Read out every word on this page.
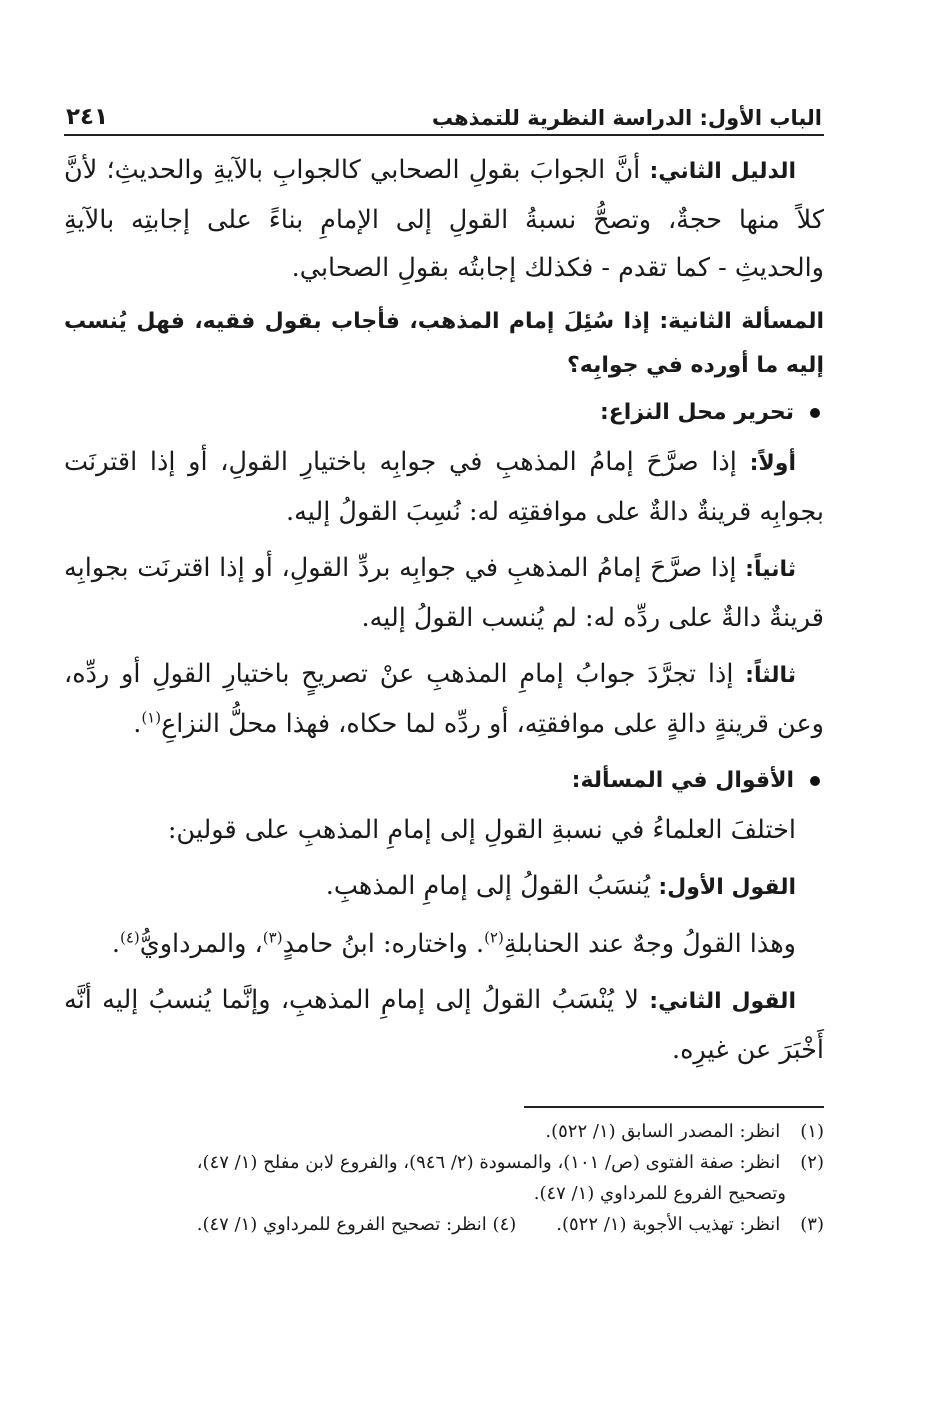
الباب الأول: الدراسة النظرية للتمذهب
٢٤١

الدليل الثاني: أنَّ الجوابَ بقولِ الصحابي كالجوابِ بالآيةِ والحديثِ؛ لأنَّ كلاً منها حجةٌ، وتصحُّ نسبةُ القولِ إلى الإمامِ بناءً على إجابتِه بالآيةِ والحديثِ - كما تقدم - فكذلك إجابتُه بقولِ الصحابي.

المسألة الثانية: إذا سُئِلَ إمام المذهب، فأجاب بقول فقيه، فهل يُنسب إليه ما أورده في جوابِه؟

تحرير محل النزاع:

أولاً: إذا صرَّحَ إمامُ المذهبِ في جوابِه باختيارِ القولِ، أو إذا اقترنَت بجوابِه قرينةٌ دالةٌ على موافقتِه له: نُسِبَ القولُ إليه.

ثانياً: إذا صرَّحَ إمامُ المذهبِ في جوابِه بردِّ القولِ، أو إذا اقترنَت بجوابِه قرينةٌ دالةٌ على ردِّه له: لم يُنسب القولُ إليه.

ثالثاً: إذا تجرَّدَ جوابُ إمامِ المذهبِ عنْ تصريحٍ باختيارِ القولِ أو ردِّه، وعن قرينةٍ دالةٍ على موافقتِه، أو ردِّه لما حكاه، فهذا محلُّ النزاعِ$^{(١)}$.

الأقوال في المسألة:

اختلفَ العلماءُ في نسبةِ القولِ إلى إمامِ المذهبِ على قولين:

القول الأول: يُنسَبُ القولُ إلى إمامِ المذهبِ.

وهذا القولُ وجهٌ عند الحنابلةِ$^{(٢)}$. واختاره: ابنُ حامدٍ$^{(٣)}$، والمرداويُّ$^{(٤)}$.

القول الثاني: لا يُنْسَبُ القولُ إلى إمامِ المذهبِ، وإنَّما يُنسبُ إليه أنَّه أَخْبَرَ عن غيرِه.

(١) انظر: المصدر السابق (١/ ٥٢٢).

(٢) انظر: صفة الفتوى (ص/ ١٠١)، والمسودة (٢/ ٩٤٦)، والفروع لابن مفلح (١/ ٤٧)،

وتصحيح الفروع للمرداوي (١/ ٤٧).

(٣) انظر: تهذيب الأجوبة (١/ ٥٢٢).
(٤) انظر: تصحيح الفروع للمرداوي (١/ ٤٧).
